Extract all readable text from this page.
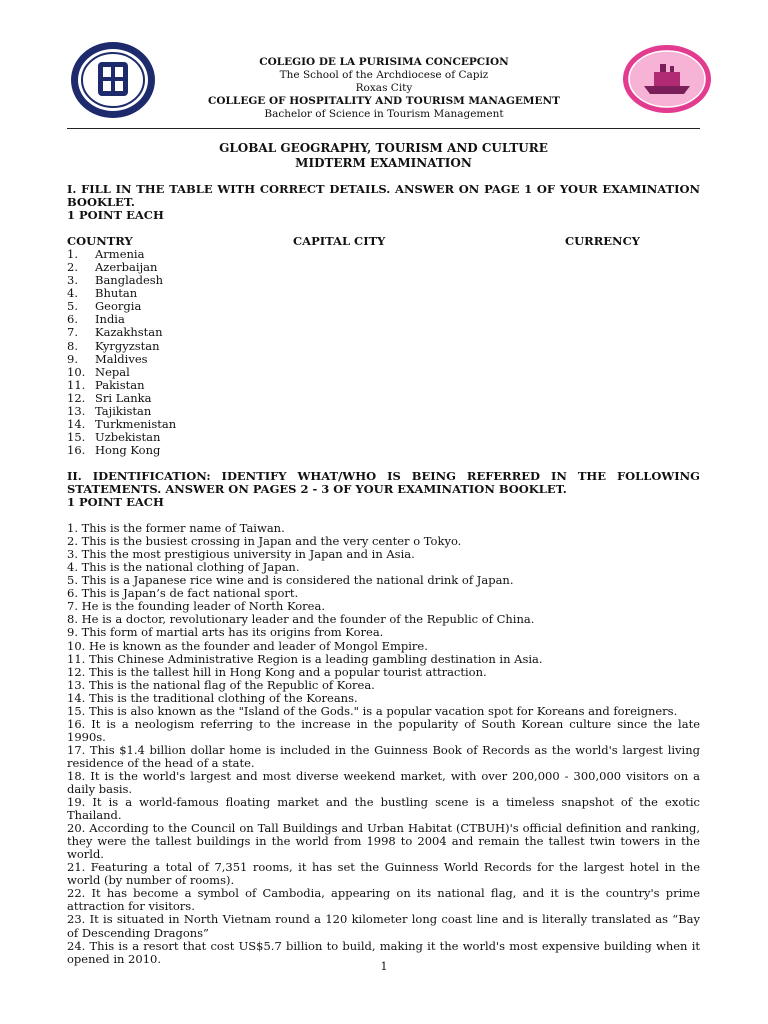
COLEGIO DE LA PURISIMA CONCEPCION
The School of the Archdiocese of Capiz
Roxas City
COLLEGE OF HOSPITALITY AND TOURISM MANAGEMENT
Bachelor of Science in Tourism Management
GLOBAL GEOGRAPHY, TOURISM AND CULTURE
MIDTERM EXAMINATION
I. FILL IN THE TABLE WITH CORRECT DETAILS. ANSWER ON PAGE 1 OF YOUR EXAMINATION BOOKLET.
1 POINT EACH
COUNTRY	CAPITAL CITY	CURRENCY
1.	Armenia
2.	Azerbaijan
3.	Bangladesh
4.	Bhutan
5.	Georgia
6.	India
7.	Kazakhstan
8.	Kyrgyzstan
9.	Maldives
10. Nepal
11. Pakistan
12. Sri Lanka
13. Tajikistan
14. Turkmenistan
15. Uzbekistan
16. Hong Kong
II. IDENTIFICATION: IDENTIFY WHAT/WHO IS BEING REFERRED IN THE FOLLOWING STATEMENTS. ANSWER ON PAGES 2 - 3 OF YOUR EXAMINATION BOOKLET.
1 POINT EACH
1. This is the former name of Taiwan.
2. This is the busiest crossing in Japan and the very center o Tokyo.
3. This the most prestigious university in Japan and in Asia.
4. This is the national clothing of Japan.
5. This is a Japanese rice wine and is considered the national drink of Japan.
6. This is Japan’s de fact national sport.
7. He is the founding leader of North Korea.
8. He is a doctor, revolutionary leader and the founder of the Republic of China.
9. This form of martial arts has its origins from Korea.
10. He is known as the founder and leader of Mongol Empire.
11. This Chinese Administrative Region is a leading gambling destination in Asia.
12. This is the tallest hill in Hong Kong and a popular tourist attraction.
13. This is the national flag of the Republic of Korea.
14. This is the traditional clothing of the Koreans.
15. This is also known as the "Island of the Gods." is a popular vacation spot for Koreans and foreigners.
16. It is a neologism referring to the increase in the popularity of South Korean culture since the late 1990s.
17. This $1.4 billion dollar home is included in the Guinness Book of Records as the world's largest living residence of the head of a state.
18. It is the world's largest and most diverse weekend market, with over 200,000 - 300,000 visitors on a daily basis.
19. It is a world-famous floating market and the bustling scene is a timeless snapshot of the exotic Thailand.
20. According to the Council on Tall Buildings and Urban Habitat (CTBUH)'s official definition and ranking, they were the tallest buildings in the world from 1998 to 2004 and remain the tallest twin towers in the world.
21. Featuring a total of 7,351 rooms, it has set the Guinness World Records for the largest hotel in the world (by number of rooms).
22. It has become a symbol of Cambodia, appearing on its national flag, and it is the country's prime attraction for visitors.
23. It is situated in North Vietnam round a 120 kilometer long coast line and is literally translated as “Bay of Descending Dragons”
24. This is a resort that cost US$5.7 billion to build, making it the world's most expensive building when it opened in 2010.
1
